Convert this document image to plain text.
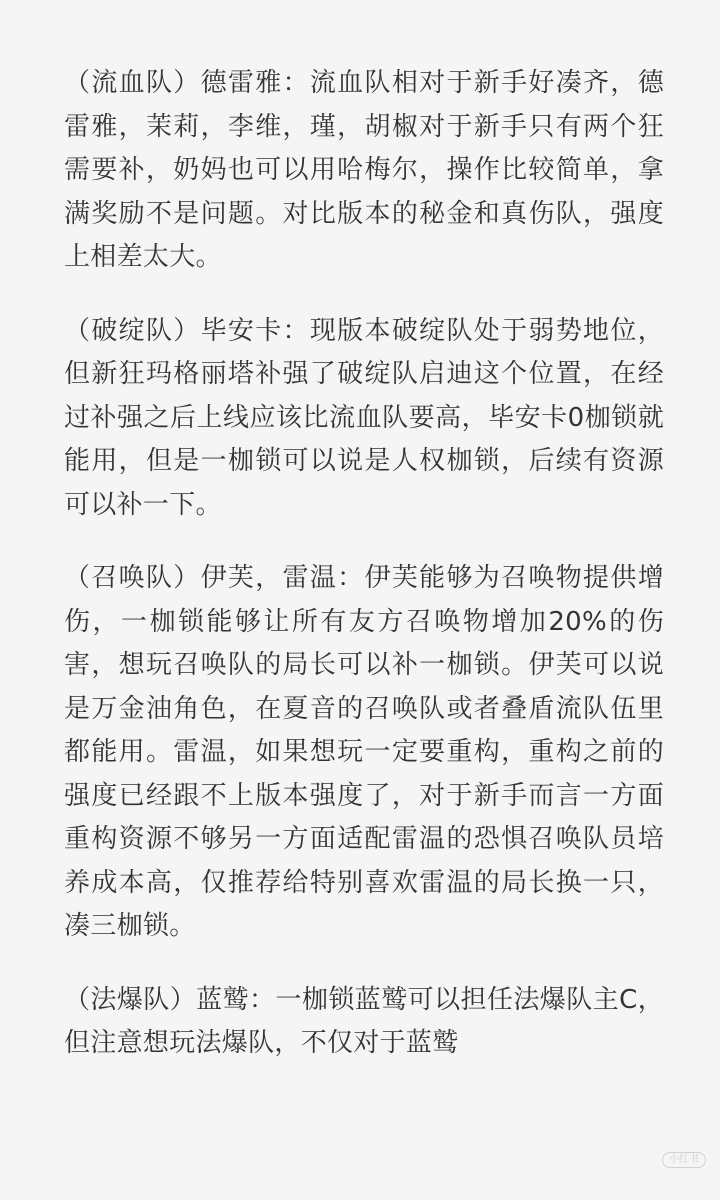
（流血队）德雷雅：流血队相对于新手好凑齐，德雷雅，茉莉，李维，瑾，胡椒对于新手只有两个狂需要补，奶妈也可以用哈梅尔，操作比较简单，拿满奖励不是问题。对比版本的秘金和真伤队，强度上相差太大。

（破绽队）毕安卡：现版本破绽队处于弱势地位，但新狂玛格丽塔补强了破绽队启迪这个位置，在经过补强之后上线应该比流血队要高，毕安卡0枷锁就能用，但是一枷锁可以说是人权枷锁，后续有资源可以补一下。

（召唤队）伊芙，雷温：伊芙能够为召唤物提供增伤，一枷锁能够让所有友方召唤物增加20%的伤害，想玩召唤队的局长可以补一枷锁。伊芙可以说是万金油角色，在夏音的召唤队或者叠盾流队伍里都能用。雷温，如果想玩一定要重构，重构之前的强度已经跟不上版本强度了，对于新手而言一方面重构资源不够另一方面适配雷温的恐惧召唤队员培养成本高，仅推荐给特别喜欢雷温的局长换一只，凑三枷锁。

（法爆队）蓝鹫：一枷锁蓝鹫可以担任法爆队主C，但注意想玩法爆队，不仅对于蓝鹫

小红书
